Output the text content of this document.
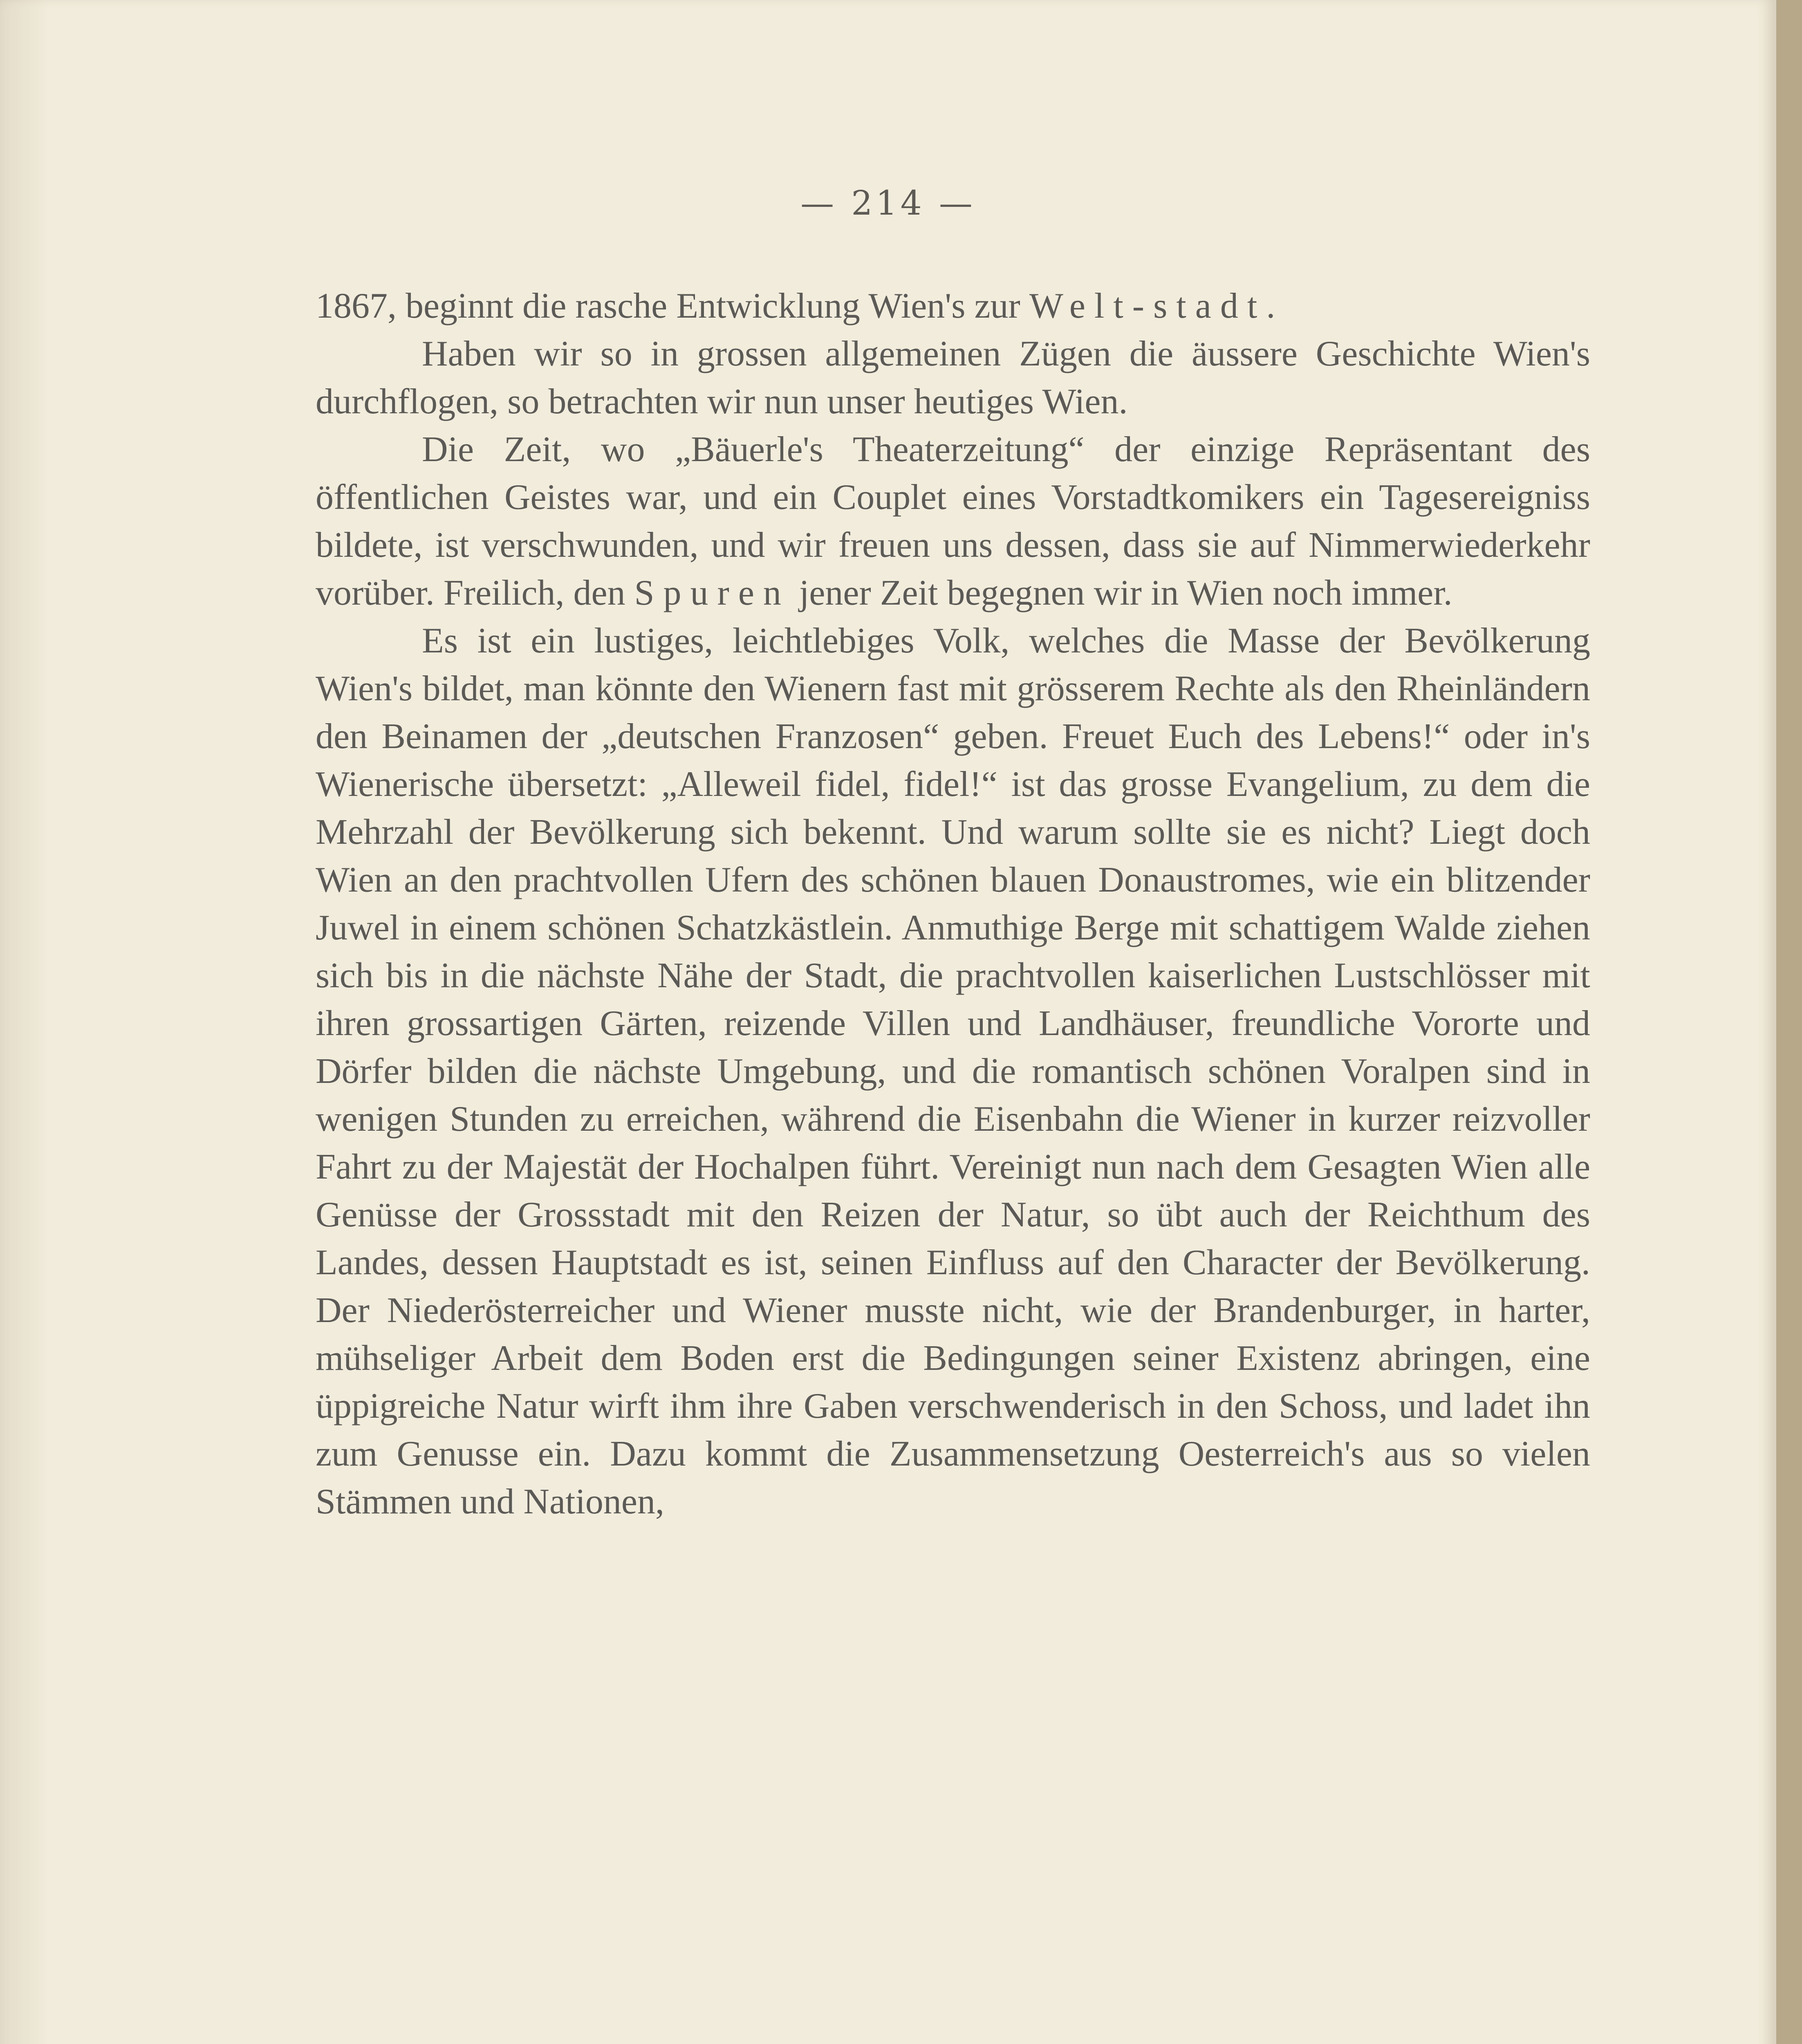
— 214 —

1867, beginnt die rasche Entwicklung Wien's zur Welt-stadt.

Haben wir so in grossen allgemeinen Zügen die äussere Geschichte Wien's durchflogen, so betrachten wir nun unser heutiges Wien.

Die Zeit, wo „Bäuerle's Theaterzeitung“ der einzige Repräsentant des öffentlichen Geistes war, und ein Couplet eines Vorstadtkomikers ein Tagesereigniss bildete, ist verschwunden, und wir freuen uns dessen, dass sie auf Nimmerwiederkehr vorüber. Freilich, den Spuren jener Zeit begegnen wir in Wien noch immer.

Es ist ein lustiges, leichtlebiges Volk, welches die Masse der Bevölkerung Wien's bildet, man könnte den Wienern fast mit grösserem Rechte als den Rheinländern den Beinamen der „deutschen Franzosen“ geben. Freuet Euch des Lebens!“ oder in's Wienerische übersetzt: „Alleweil fidel, fidel!“ ist das grosse Evangelium, zu dem die Mehrzahl der Bevölkerung sich bekennt. Und warum sollte sie es nicht? Liegt doch Wien an den prachtvollen Ufern des schönen blauen Donaustromes, wie ein blitzender Juwel in einem schönen Schatzkästlein. Anmuthige Berge mit schattigem Walde ziehen sich bis in die nächste Nähe der Stadt, die prachtvollen kaiserlichen Lustschlösser mit ihren grossartigen Gärten, reizende Villen und Landhäuser, freundliche Vororte und Dörfer bilden die nächste Umgebung, und die romantisch schönen Voralpen sind in wenigen Stunden zu erreichen, während die Eisenbahn die Wiener in kurzer reizvoller Fahrt zu der Majestät der Hochalpen führt. Vereinigt nun nach dem Gesagten Wien alle Genüsse der Grossstadt mit den Reizen der Natur, so übt auch der Reichthum des Landes, dessen Hauptstadt es ist, seinen Einfluss auf den Character der Bevölkerung. Der Niederösterreicher und Wiener musste nicht, wie der Brandenburger, in harter, mühseliger Arbeit dem Boden erst die Bedingungen seiner Existenz abringen, eine üppigreiche Natur wirft ihm ihre Gaben verschwenderisch in den Schoss, und ladet ihn zum Genusse ein. Dazu kommt die Zusammensetzung Oesterreich's aus so vielen Stämmen und Nationen,
